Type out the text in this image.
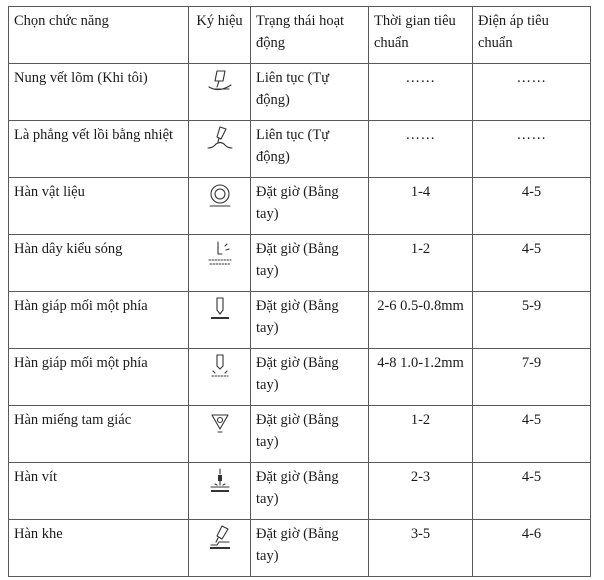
Chọn chức năng	Ký hiệu	Trạng thái hoạt động	Thời gian tiêu chuẩn	Điện áp tiêu chuẩn
Nung vết lõm (Khi tôi)		Liên tục (Tự động)	……	……
Là phẳng vết lồi bằng nhiệt		Liên tục (Tự động)	……	……
Hàn vật liệu		Đặt giờ (Bằng tay)	1-4	4-5
Hàn dây kiểu sóng		Đặt giờ (Bằng tay)	1-2	4-5
Hàn giáp mối một phía		Đặt giờ (Bằng tay)	2-6 0.5-0.8mm	5-9
Hàn giáp mối một phía		Đặt giờ (Bằng tay)	4-8 1.0-1.2mm	7-9
Hàn miếng tam giác		Đặt giờ (Bằng tay)	1-2	4-5
Hàn vít		Đặt giờ (Bằng tay)	2-3	4-5
Hàn khe		Đặt giờ (Bằng tay)	3-5	4-6
